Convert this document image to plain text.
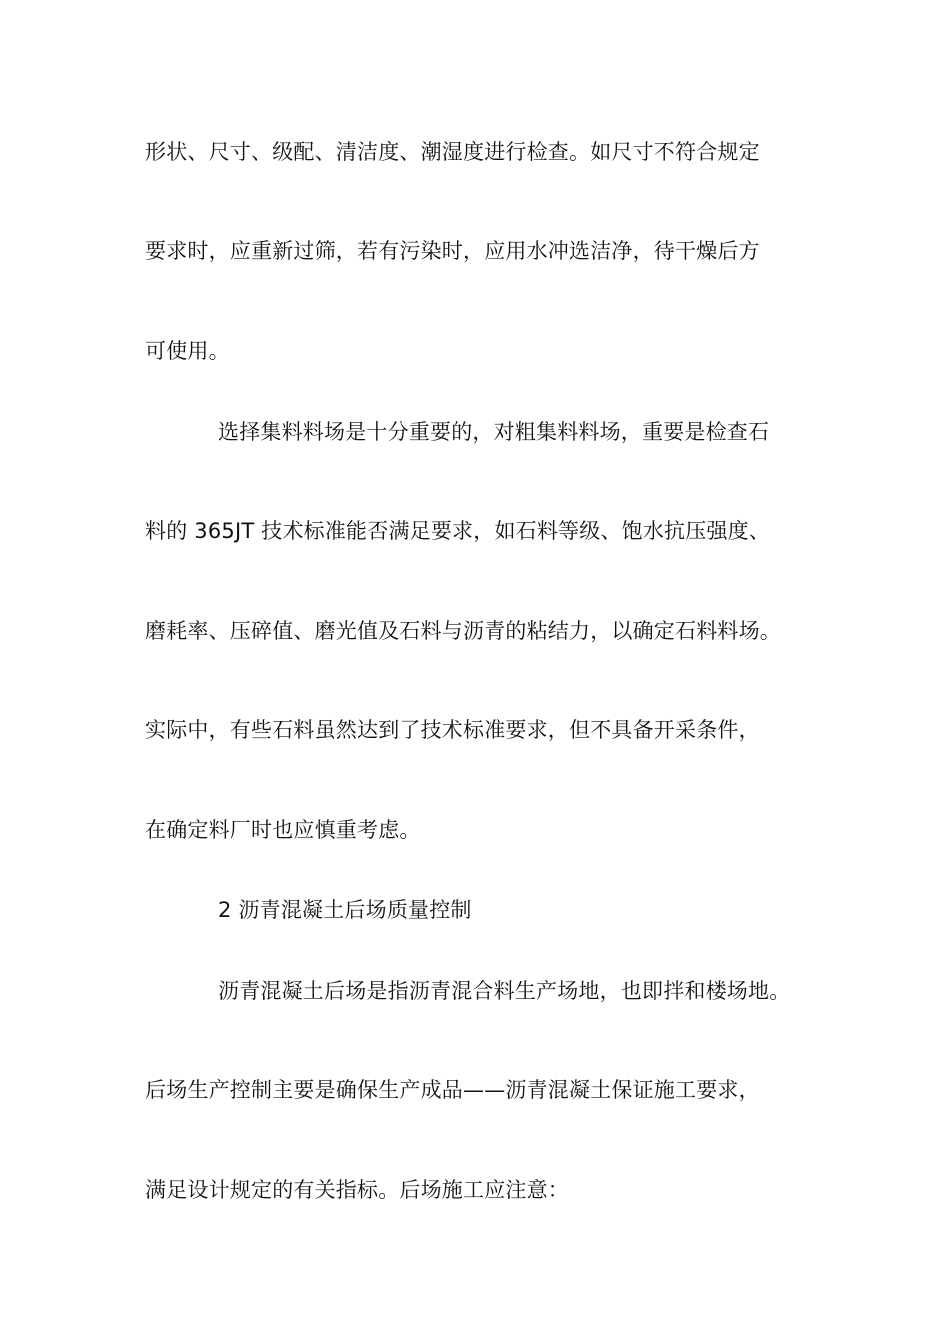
形状、尺寸、级配、清洁度、潮湿度进行检查。如尺寸不符合规定

要求时，应重新过筛，若有污染时，应用水冲选洁净，待干燥后方

可使用。

选择集料料场是十分重要的，对粗集料料场，重要是检查石

料的 365JT 技术标准能否满足要求，如石料等级、饱水抗压强度、

磨耗率、压碎值、磨光值及石料与沥青的粘结力，以确定石料料场。

实际中，有些石料虽然达到了技术标准要求，但不具备开采条件，

在确定料厂时也应慎重考虑。

2 沥青混凝土后场质量控制

沥青混凝土后场是指沥青混合料生产场地，也即拌和楼场地。

后场生产控制主要是确保生产成品——沥青混凝土保证施工要求，

满足设计规定的有关指标。后场施工应注意：
